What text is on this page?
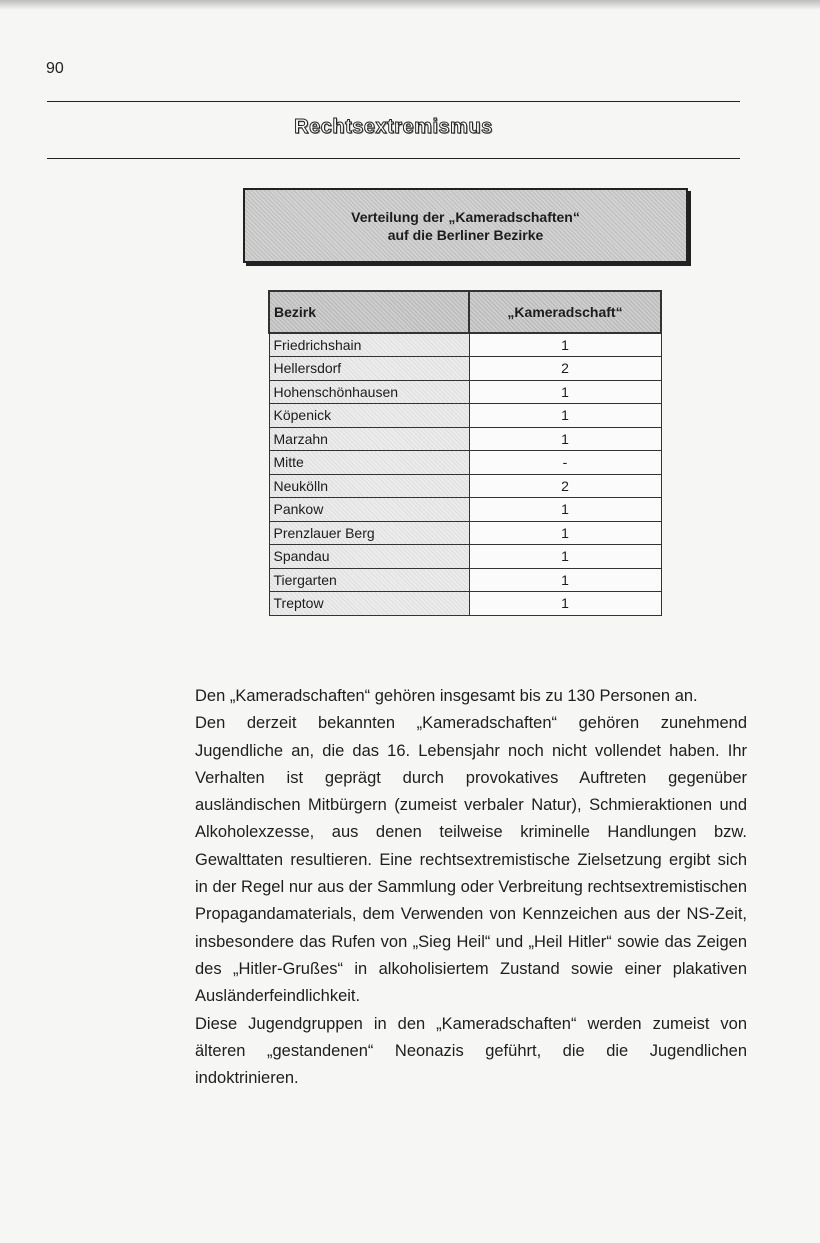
90
Rechtsextremismus
Verteilung der „Kameradschaften“
auf die Berliner Bezirke
Bezirk	„Kameradschaft“
Friedrichshain	1
Hellersdorf	2
Hohenschönhausen	1
Köpenick	1
Marzahn	1
Mitte	-
Neukölln	2
Pankow	1
Prenzlauer Berg	1
Spandau	1
Tiergarten	1
Treptow	1

Den „Kameradschaften“ gehören insgesamt bis zu 130 Personen an.

Den derzeit bekannten „Kameradschaften“ gehören zunehmend Jugendliche an, die das 16. Lebensjahr noch nicht vollendet haben. Ihr Verhalten ist geprägt durch provokatives Auftreten gegenüber ausländischen Mitbürgern (zumeist verbaler Natur), Schmieraktionen und Alkoholexzesse, aus denen teilweise kriminelle Handlungen bzw. Gewalttaten resultieren. Eine rechtsextremistische Zielsetzung ergibt sich in der Regel nur aus der Sammlung oder Verbreitung rechtsextremistischen Propagandamaterials, dem Verwenden von Kennzeichen aus der NS-Zeit, insbesondere das Rufen von „Sieg Heil“ und „Heil Hitler“ sowie das Zeigen des „Hitler-Grußes“ in alkoholisiertem Zustand sowie einer plakativen Ausländerfeindlichkeit.

Diese Jugendgruppen in den „Kameradschaften“ werden zumeist von älteren „gestandenen“ Neonazis geführt, die die Jugendlichen indoktrinieren.
